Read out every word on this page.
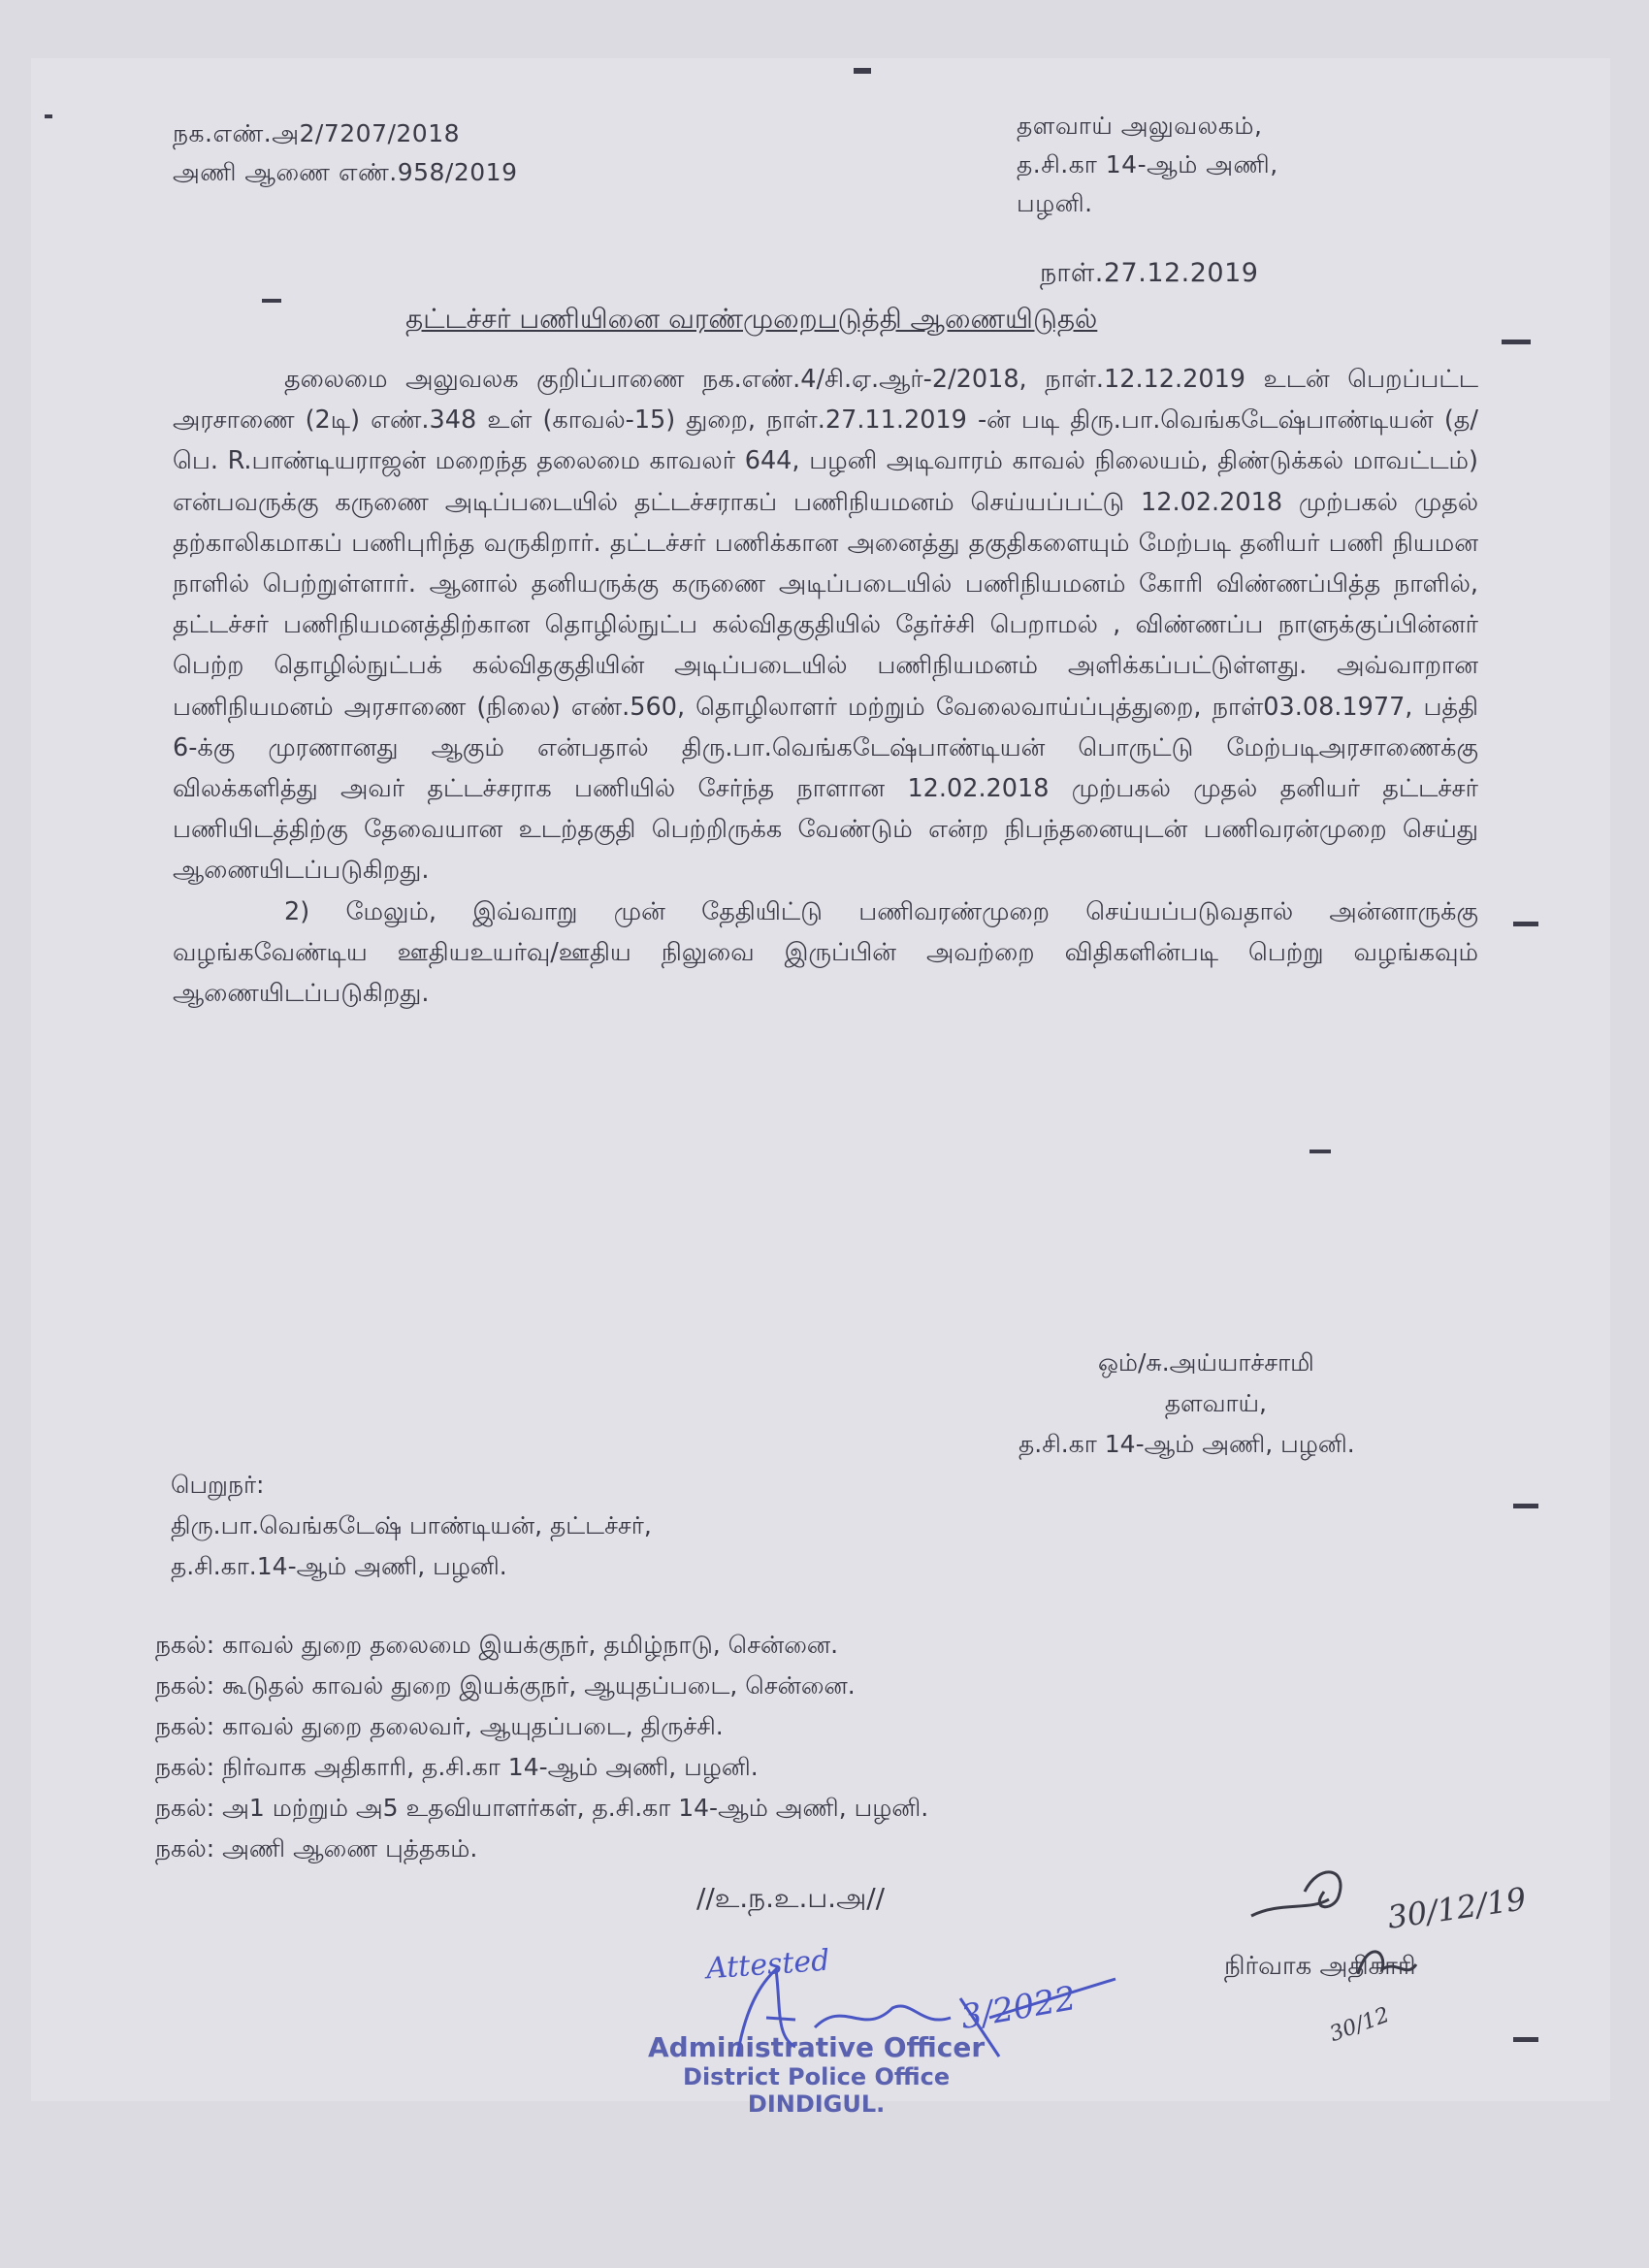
நக.எண்.அ2/7207/2018
அணி ஆணை எண்.958/2019
தளவாய் அலுவலகம்,
த.சி.கா 14-ஆம் அணி,
பழனி.
நாள்.27.12.2019
தட்டச்சர் பணியினை வரண்முறைபடுத்தி ஆணையிடுதல்

தலைமை அலுவலக குறிப்பாணை நக.எண்.4/சி.ஏ.ஆர்-2/2018, நாள்.12.12.2019 உடன் பெறப்பட்ட அரசாணை (2டி) எண்.348 உள் (காவல்-15) துறை, நாள்.27.11.2019 -ன் படி திரு.பா.வெங்கடேஷ்பாண்டியன் (த/பெ. R.பாண்டியராஜன் மறைந்த தலைமை காவலர் 644, பழனி அடிவாரம் காவல் நிலையம், திண்டுக்கல் மாவட்டம்) என்பவருக்கு கருணை அடிப்படையில் தட்டச்சராகப் பணிநியமனம் செய்யப்பட்டு 12.02.2018 முற்பகல் முதல் தற்காலிகமாகப் பணிபுரிந்த வருகிறார். தட்டச்சர் பணிக்கான அனைத்து தகுதிகளையும் மேற்படி தனியர் பணி நியமன நாளில் பெற்றுள்ளார். ஆனால் தனியருக்கு கருணை அடிப்படையில் பணிநியமனம் கோரி விண்ணப்பித்த நாளில், தட்டச்சர் பணிநியமனத்திற்கான தொழில்நுட்ப கல்விதகுதியில் தேர்ச்சி பெறாமல் , விண்ணப்ப நாளுக்குப்பின்னர் பெற்ற தொழில்நுட்பக் கல்விதகுதியின் அடிப்படையில் பணிநியமனம் அளிக்கப்பட்டுள்ளது. அவ்வாறான பணிநியமனம் அரசாணை (நிலை) எண்.560, தொழிலாளர் மற்றும் வேலைவாய்ப்புத்துறை, நாள்03.08.1977, பத்தி 6-க்கு முரணானது ஆகும் என்பதால் திரு.பா.வெங்கடேஷ்பாண்டியன் பொருட்டு மேற்படிஅரசாணைக்கு விலக்களித்து அவர் தட்டச்சராக பணியில் சேர்ந்த நாளான 12.02.2018 முற்பகல் முதல் தனியர் தட்டச்சர் பணியிடத்திற்கு தேவையான உடற்தகுதி பெற்றிருக்க வேண்டும் என்ற நிபந்தனையுடன் பணிவரன்முறை செய்து ஆணையிடப்படுகிறது.

2) மேலும், இவ்வாறு முன் தேதியிட்டு பணிவரண்முறை செய்யப்படுவதால் அன்னாருக்கு வழங்கவேண்டிய ஊதியஉயர்வு/ஊதிய நிலுவை இருப்பின் அவற்றை விதிகளின்படி பெற்று வழங்கவும் ஆணையிடப்படுகிறது.

ஒம்/சு.அய்யாச்சாமி
தளவாய்,
த.சி.கா 14-ஆம் அணி, பழனி.
பெறுநர்:
திரு.பா.வெங்கடேஷ் பாண்டியன், தட்டச்சர்,
த.சி.கா.14-ஆம் அணி, பழனி.
நகல்: காவல் துறை தலைமை இயக்குநர், தமிழ்நாடு, சென்னை.
நகல்: கூடுதல் காவல் துறை இயக்குநர், ஆயுதப்படை, சென்னை.
நகல்: காவல் துறை தலைவர், ஆயுதப்படை, திருச்சி.
நகல்: நிர்வாக அதிகாரி, த.சி.கா 14-ஆம் அணி, பழனி.
நகல்: அ1 மற்றும் அ5 உதவியாளர்கள், த.சி.கா 14-ஆம் அணி, பழனி.
நகல்: அணி ஆணை புத்தகம்.
//உ.ந.உ.ப.அ//
Attested
30/12/19
நிர்வாக அதிகாரி
30/12
Administrative Officer
District Police Office
DINDIGUL.
3/2022
